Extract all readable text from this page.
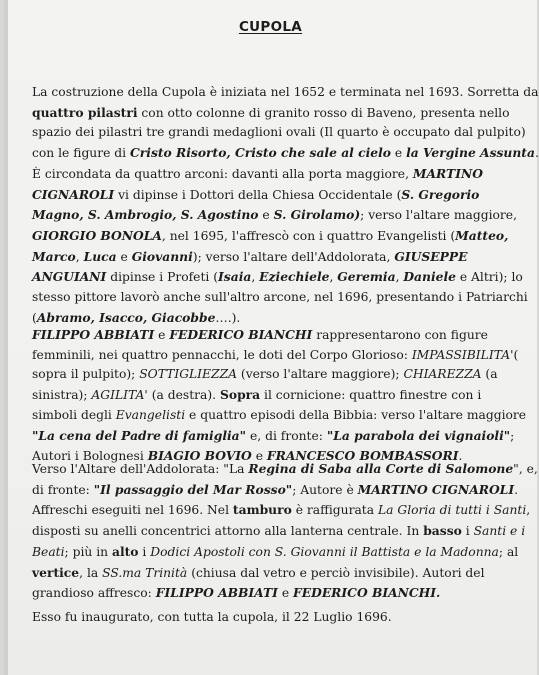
CUPOLA
La costruzione della Cupola è iniziata nel 1652 e terminata nel 1693. Sorretta da
quattro pilastri con otto colonne di granito rosso di Baveno, presenta nello
spazio dei pilastri tre grandi medaglioni ovali (Il quarto è occupato dal pulpito)
con le figure di Cristo Risorto, Cristo che sale al cielo e la Vergine Assunta.
È circondata da quattro arconi: davanti alla porta maggiore, MARTINO
CIGNAROLI vi dipinse i Dottori della Chiesa Occidentale (S. Gregorio
Magno, S. Ambrogio, S. Agostino e S. Girolamo); verso l'altare maggiore,
GIORGIO BONOLA, nel 1695, l'affrescò con i quattro Evangelisti (Matteo,
Marco, Luca e Giovanni); verso l'altare dell'Addolorata, GIUSEPPE
ANGUIANI dipinse i Profeti (Isaia, Eziechiele, Geremia, Daniele e Altri); lo
stesso pittore lavorò anche sull'altro arcone, nel 1696, presentando i Patriarchi
(Abramo, Isacco, Giacobbe….).
FILIPPO ABBIATI e FEDERICO BIANCHI rappresentarono con figure
femminili, nei quattro pennacchi, le doti del Corpo Glorioso: IMPASSIBILITA'(
sopra il pulpito); SOTTIGLIEZZA (verso l'altare maggiore); CHIAREZZA (a
sinistra); AGILITA' (a destra). Sopra il cornicione: quattro finestre con i
simboli degli Evangelisti e quattro episodi della Bibbia: verso l'altare maggiore
"La cena del Padre di famiglia" e, di fronte: "La parabola dei vignaioli";
Autori i Bolognesi BIAGIO BOVIO e FRANCESCO BOMBASSORI.
Verso l'Altare dell'Addolorata: "La Regina di Saba alla Corte di Salomone", e,
di fronte: "Il passaggio del Mar Rosso"; Autore è MARTINO CIGNAROLI.
Affreschi eseguiti nel 1696. Nel tamburo è raffigurata La Gloria di tutti i Santi,
disposti su anelli concentrici attorno alla lanterna centrale. In basso i Santi e i
Beati; più in alto i Dodici Apostoli con S. Giovanni il Battista e la Madonna; al
vertice, la SS.ma Trinità (chiusa dal vetro e perciò invisibile). Autori del
grandioso affresco: FILIPPO ABBIATI e FEDERICO BIANCHI.
Esso fu inaugurato, con tutta la cupola, il 22 Luglio 1696.
